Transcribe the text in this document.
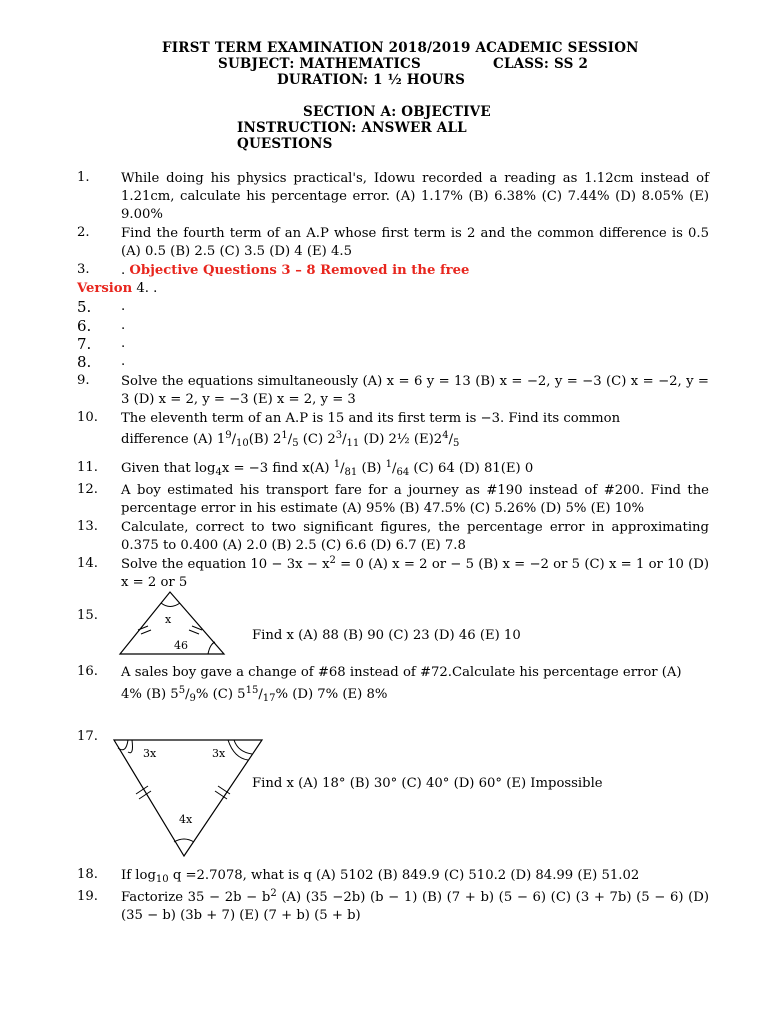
FIRST TERM EXAMINATION 2018/2019 ACADEMIC SESSION
SUBJECT: MATHEMATICS	CLASS: SS 2
DURATION: 1 ½ HOURS
SECTION A: OBJECTIVE
INSTRUCTION: ANSWER ALL
QUESTIONS
1. While doing his physics practical's, Idowu recorded a reading as 1.12cm instead of 1.21cm, calculate his percentage error. (A) 1.17% (B) 6.38% (C) 7.44% (D) 8.05% (E) 9.00%
2. Find the fourth term of an A.P whose first term is 2 and the common difference is 0.5 (A) 0.5 (B) 2.5 (C) 3.5 (D) 4 (E) 4.5
3. . Objective Questions 3 – 8 Removed in the free
Version 4. .
5. .
6. .
7. .
8. .
9. Solve the equations simultaneously (A) x = 6 y = 13 (B) x = −2, y = −3 (C) x = −2, y = 3 (D) x = 2, y = −3 (E) x = 2, y = 3
10. The eleventh term of an A.P is 15 and its first term is −3. Find its common
difference (A) $1^9/_{10}(B)$ $2^1/_5$ (C) $2^3/_{11}$ (D) 2½ $(E)2^4/_5$
11. Given that $\log_4x = -3$ find x(A) $^1/_{81}$ (B) $^1/_{64}$ (C) 64 (D) 81(E) 0
12. A boy estimated his transport fare for a journey as #190 instead of #200. Find the percentage error in his estimate (A) 95% (B) 47.5% (C) 5.26% (D) 5% (E) 10%
13. Calculate, correct to two significant figures, the percentage error in approximating 0.375 to 0.400 (A) 2.0 (B) 2.5 (C) 6.6 (D) 6.7 (E) 7.8
14. Solve the equation $10 - 3x - x^2 = 0$ (A) x = 2 or − 5 (B) x = −2 or 5 (C) x = 1 or 10 (D) x = 2 or 5
15.	x
46
Find x (A) 88 (B) 90 (C) 23 (D) 46 (E) 10
16. A sales boy gave a change of #68 instead of #72.Calculate his percentage error (A)
4% (B) $5^5/_9\%$ (C) $5^{15}/_{17}\%$ (D) 7% (E) 8%
17.
3x	3x
4x
Find x (A) 18° (B) 30° (C) 40° (D) 60° (E) Impossible
18. If $\log_{10} q =2.7078$, what is q (A) 5102 (B) 849.9 (C) 510.2 (D) 84.99 (E) 51.02
19. Factorize $35 - 2b - b^2$ (A) (35 −2b) (b − 1) (B) (7 + b) (5 − 6) (C) (3 + 7b) (5 − 6) (D) (35 − b) (3b + 7) (E) (7 + b) (5 + b)
